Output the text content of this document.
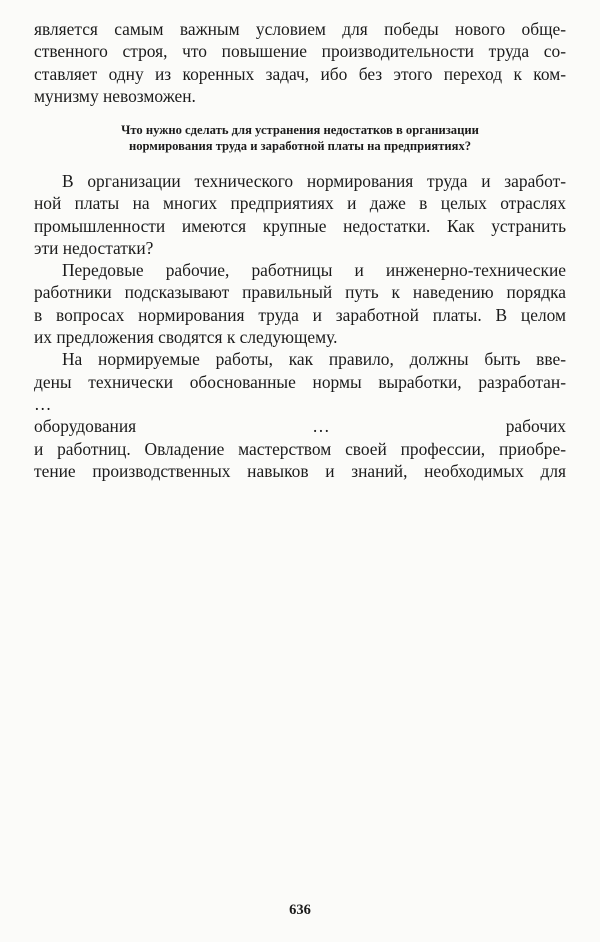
является самым важным условием для победы нового обще-
ственного строя, что повышение производительности труда со-
ставляет одну из коренных задач, ибо без этого переход к ком-
мунизму невозможен.
Что нужно сделать для устранения недостатков в организации
нормирования труда и заработной платы на предприятиях?
В организации технического нормирования труда и заработ-
ной платы на многих предприятиях и даже в целых отраслях
промышленности имеются крупные недостатки. Как устранить
эти недостатки?
Передовые рабочие, работницы и инженерно-технические
работники подсказывают правильный путь к наведению порядка
в вопросах нормирования труда и заработной платы. В целом
их предложения сводятся к следующему.
На нормируемые работы, как правило, должны быть вве-
дены технически обоснованные нормы выработки, разработан-
…
оборудования … рабочих
и работниц. Овладение мастерством своей профессии, приобре-
тение производственных навыков и знаний, необходимых для
636
